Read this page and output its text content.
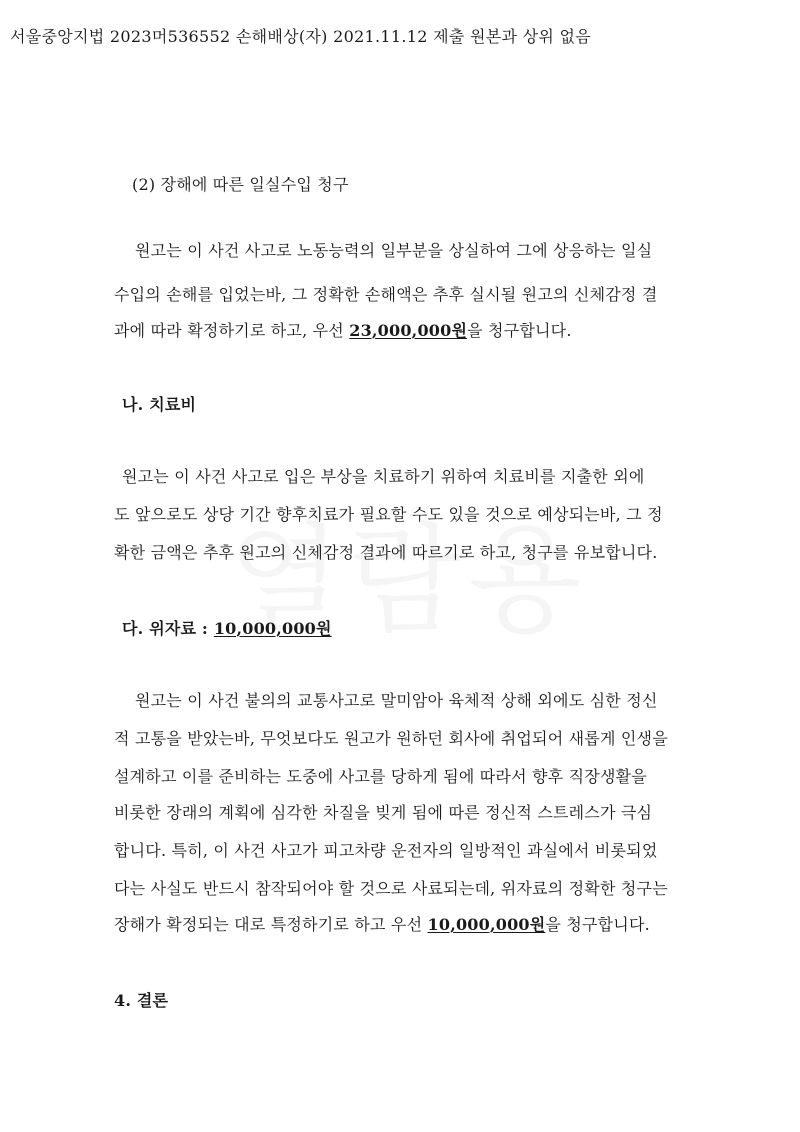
서울중앙지법 2023머536552 손해배상(자) 2021.11.12 제출 원본과 상위 없음
(2) 장해에 따른 일실수입 청구
원고는 이 사건 사고로 노동능력의 일부분을 상실하여 그에 상응하는 일실
수입의 손해를 입었는바, 그 정확한 손해액은 추후 실시될 원고의 신체감정 결
과에 따라 확정하기로 하고, 우선 23,000,000원을 청구합니다.
나. 치료비
원고는 이 사건 사고로 입은 부상을 치료하기 위하여 치료비를 지출한 외에
도 앞으로도 상당 기간 향후치료가 필요할 수도 있을 것으로 예상되는바, 그 정
확한 금액은 추후 원고의 신체감정 결과에 따르기로 하고, 청구를 유보합니다.
다. 위자료 : 10,000,000원
원고는 이 사건 불의의 교통사고로 말미암아 육체적 상해 외에도 심한 정신
적 고통을 받았는바, 무엇보다도 원고가 원하던 회사에 취업되어 새롭게 인생을
설계하고 이를 준비하는 도중에 사고를 당하게 됨에 따라서 향후 직장생활을
비롯한 장래의 계획에 심각한 차질을 빚게 됨에 따른 정신적 스트레스가 극심
합니다. 특히, 이 사건 사고가 피고차량 운전자의 일방적인 과실에서 비롯되었
다는 사실도 반드시 참작되어야 할 것으로 사료되는데, 위자료의 정확한 청구는
장해가 확정되는 대로 특정하기로 하고 우선 10,000,000원을 청구합니다.
4. 결론
